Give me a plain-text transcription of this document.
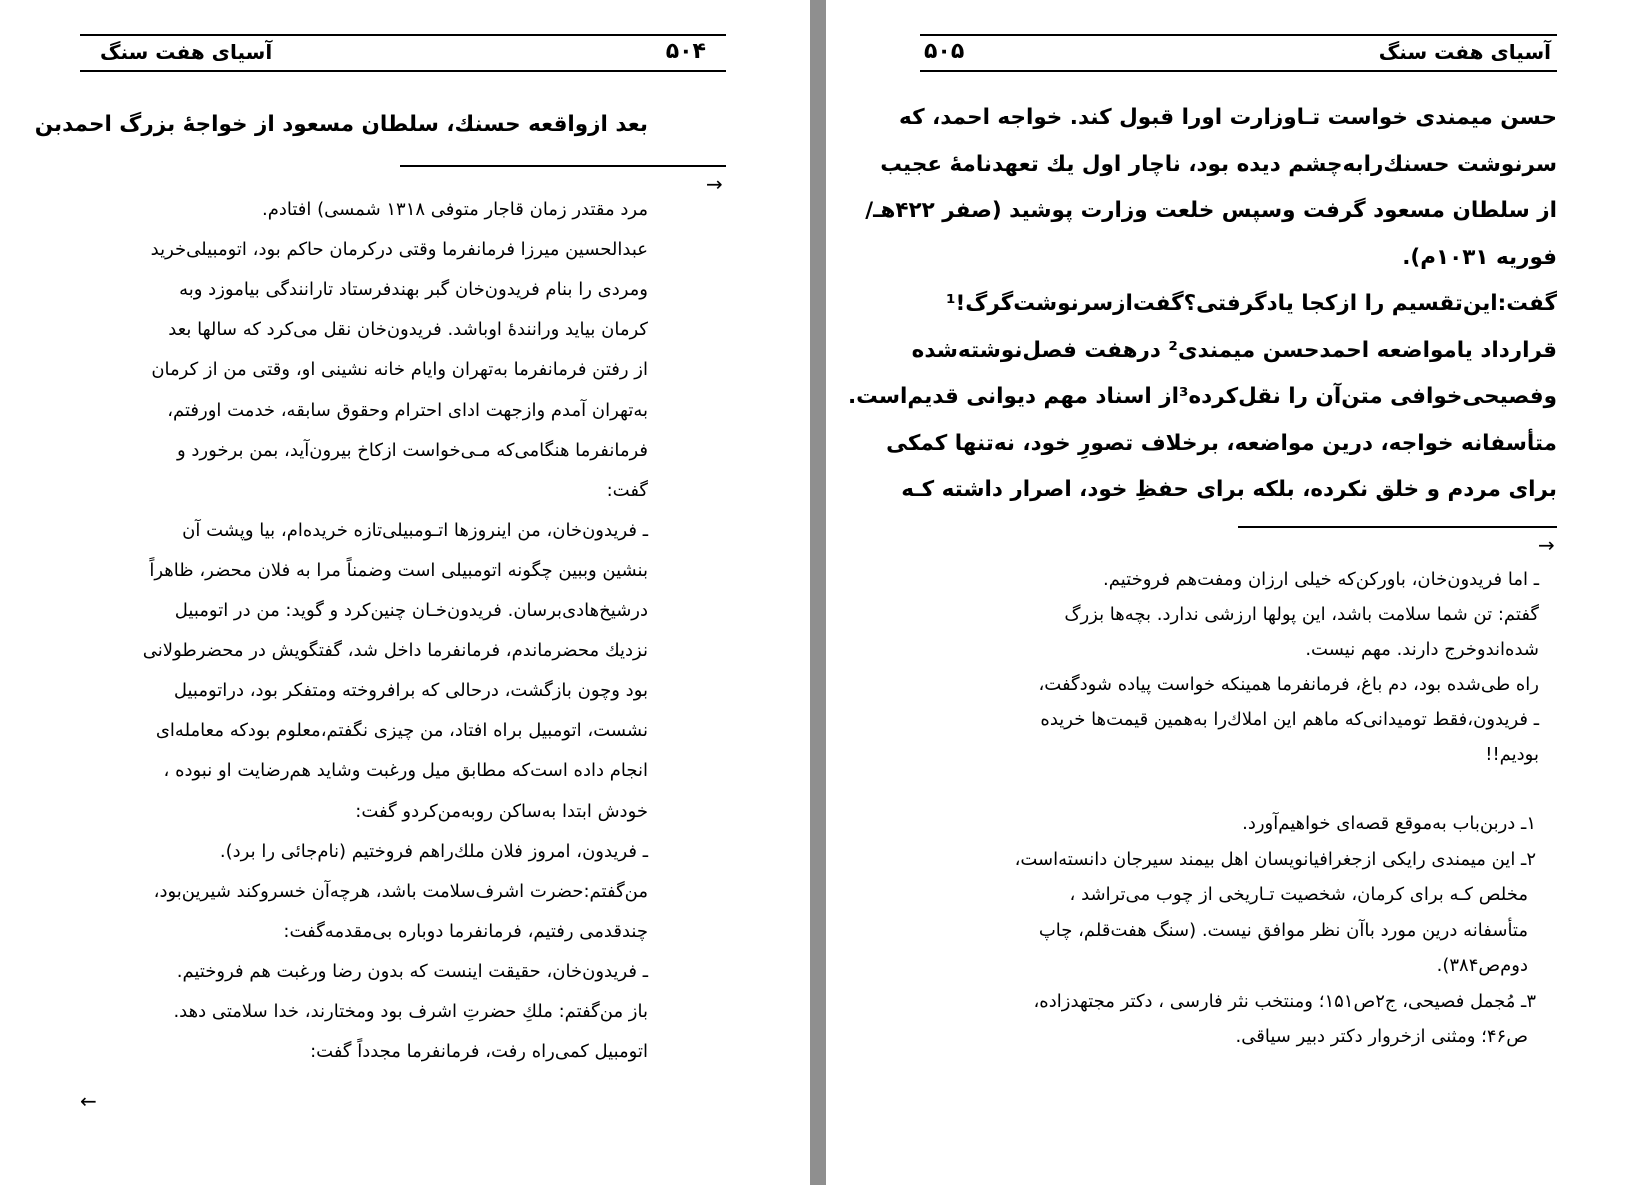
۵۰۴
آسیای هفت سنگ
بعد ازواقعه حسنك، سلطان مسعود از خواجهٔ بزرگ احمدبن
→
مرد مقتدر زمان قاجار متوفی ۱۳۱۸ شمسی) افتادم.
عبدالحسین میرزا فرمانفرما وقتی درکرمان حاکم بود، اتومبیلی‌خرید
ومردی را بنام فریدون‌خان گبر بهندفرستاد تارانندگی بیاموزد وبه
کرمان بیاید ورانندهٔ اوباشد. فریدون‌خان نقل می‌کرد که سالها بعد
از رفتن فرمانفرما به‌تهران وایام خانه نشینی او، وقتی من از کرمان
به‌تهران آمدم وازجهت ادای احترام وحقوق سابقه، خدمت اورفتم،
فرمانفرما هنگامی‌که مـی‌خواست ازکاخ بیرون‌آید، بمن برخورد و
گفت:
ـ فریدون‌خان، من اینروزها اتـومبیلی‌تازه خریده‌ام، بیا وپشت آن
بنشین وببین چگونه اتومبیلی است وضمناً مرا به فلان محضر، ظاهراً
درشیخ‌هادی‌برسان. فریدون‌خـان چنین‌کرد و گوید: من در اتومبیل
نزدیك محضرماندم، فرمانفرما داخل شد، گفتگویش در محضرطولانی
بود وچون بازگشت، درحالی که برافروخته ومتفکر بود، دراتومبیل
نشست، اتومبیل براه افتاد، من چیزی نگفتم،معلوم بودکه معامله‌ای
انجام داده است‌که مطابق میل ورغبت وشاید هم‌رضایت او نبوده ،
خودش ابتدا به‌ساکن روبه‌من‌کردو گفت:
ـ فریدون، امروز فلان ملك‌راهم فروختیم (نام‌جائی را برد).
من‌گفتم:حضرت اشرف‌سلامت باشد، هرچه‌آن خسروکند شیرین‌بود،
چندقدمی رفتیم، فرمانفرما دوباره بی‌مقدمه‌گفت:
ـ فریدون‌خان، حقیقت اینست که بدون رضا ورغبت هم فروختیم.
باز من‌گفتم: ملكِ حضرتِ اشرف بود ومختارند، خدا سلامتی دهد.
اتومبیل کمی‌راه رفت، فرمانفرما مجدداً گفت:
←
۵۰۵	آسیای هفت سنگ
حسن میمندی خواست تـاوزارت اورا قبول کند. خواجه احمد، که
سرنوشت حسنك‌رابه‌چشم دیده بود، ناچار اول یك تعهدنامهٔ عجیب
از سلطان مسعود گرفت وسپس خلعت وزارت پوشید (صفر ۴۲۲هـ/
فوریه ۱۰۳۱م).
گفت:این‌تقسیم را ازکجا یادگرفتی؟گفت‌ازسرنوشت‌گرگ!¹
قرارداد یامواضعه احمدحسن میمندی² درهفت فصل‌نوشته‌شده
وفصیحی‌خوافی متن‌آن را نقل‌کرده³از اسناد مهم دیوانی قدیم‌است.
متأسفانه خواجه، درین مواضعه، برخلاف تصورِ خود، نه‌تنها کمکی
برای مردم و خلق نکرده، بلکه برای حفظِ خود، اصرار داشته کـه
→
ـ اما فریدون‌خان، باورکن‌که خیلی ارزان ومفت‌هم فروختیم.
گفتم: تن شما سلامت باشد، این پولها ارزشی ندارد. بچه‌ها بزرگ
شده‌اندوخرج دارند. مهم نیست.
راه طی‌شده بود، دم باغ، فرمانفرما همینکه خواست پیاده شودگفت،
ـ فریدون،فقط تومیدانی‌که ماهم این املاك‌را به‌همین قیمت‌ها خریده
بودیم!!
۱ـ دربن‌باب به‌موقع قصه‌ای خواهیم‌آورد.
۲ـ این میمندی رایکی ازجغرافیانویسان اهل بیمند سیرجان دانسته‌است،
مخلص کـه برای کرمان، شخصیت تـاریخی از چوب می‌تراشد ،
متأسفانه درین مورد باآن نظر موافق نیست. (سنگ هفت‌قلم، چاپ
دوم‌ص۳۸۴).
۳ـ مُجمل فصیحی، ج۲ص۱۵۱؛ ومنتخب نثر فارسی ، دکتر مجتهدزاده،
ص۴۶؛ ومثنی ازخروار دکتر دبیر سیاقی.
